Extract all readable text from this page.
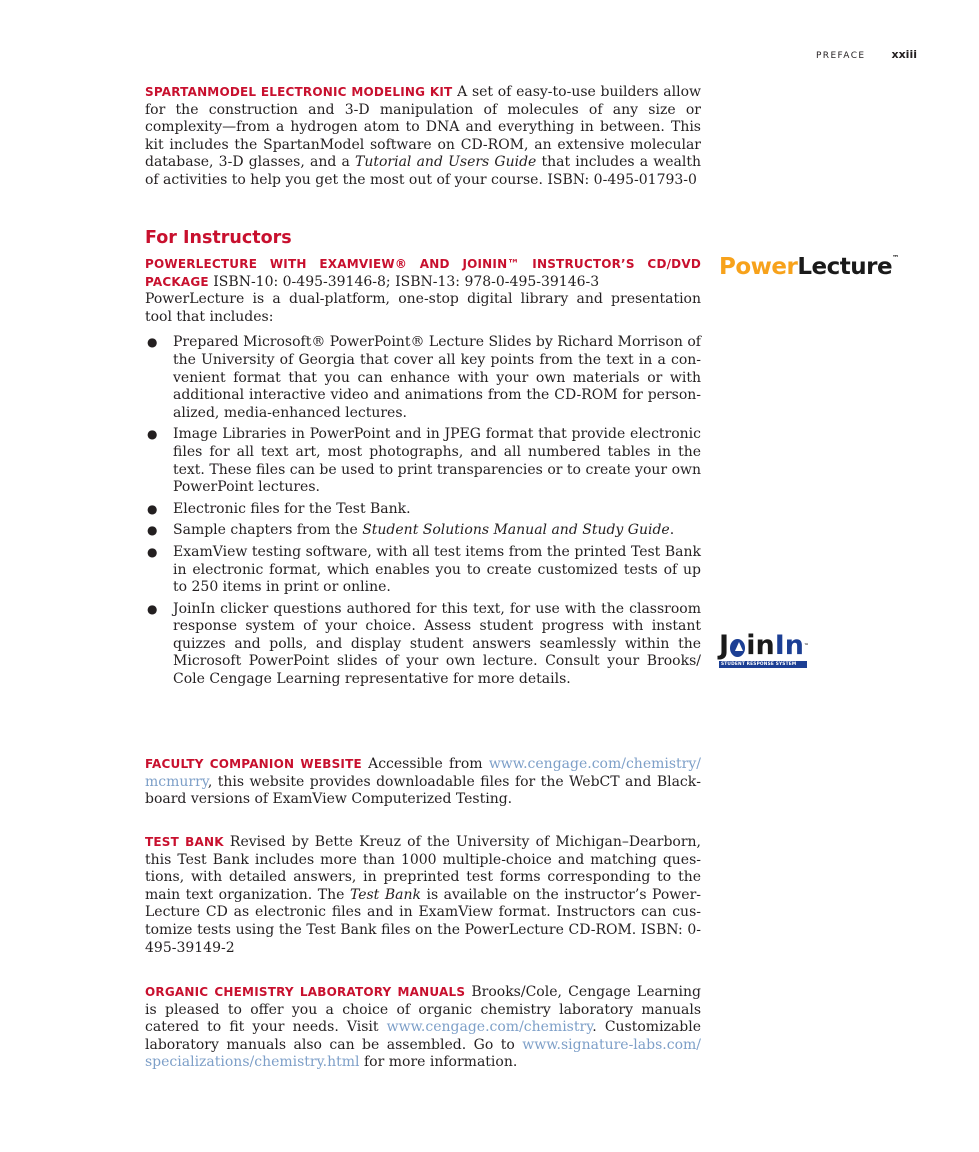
PREFACE xxiii

SPARTANMODEL ELECTRONIC MODELING KIT A set of easy-to-use builders allow for the construction and 3-D manipulation of molecules of any size or complexity—from a hydrogen atom to DNA and everything in between. This kit includes the SpartanModel software on CD-ROM, an extensive molecular database, 3-D glasses, and a Tutorial and Users Guide that includes a wealth of activities to help you get the most out of your course. ISBN: 0-495-01793-0

For Instructors

POWERLECTURE WITH EXAMVIEW® AND JOININ™ INSTRUCTOR’S CD/DVD PACKAGE ISBN-10: 0-495-39146-8; ISBN-13: 978-0-495-39146-3

PowerLecture is a dual-platform, one-stop digital library and presentation tool that includes:

● Prepared Microsoft® PowerPoint® Lecture Slides by Richard Morrison of the University of Georgia that cover all key points from the text in a convenient format that you can enhance with your own materials or with additional interactive video and animations from the CD-ROM for personalized, media-enhanced lectures.
● Image Libraries in PowerPoint and in JPEG format that provide electronic files for all text art, most photographs, and all numbered tables in the text. These files can be used to print transparencies or to create your own PowerPoint lectures.
● Electronic files for the Test Bank.
● Sample chapters from the Student Solutions Manual and Study Guide.
● ExamView testing software, with all test items from the printed Test Bank in electronic format, which enables you to create customized tests of up to 250 items in print or online.
● JoinIn clicker questions authored for this text, for use with the classroom response system of your choice. Assess student progress with instant quizzes and polls, and display student answers seamlessly within the Microsoft PowerPoint slides of your own lecture. Consult your Brooks/​Cole Cengage Learning representative for more details.
PowerLecture™
J in In ™
STUDENT RESPONSE SYSTEM

FACULTY COMPANION WEBSITE Accessible from www.cengage.com/chemistry/​mcmurry, this website provides downloadable files for the WebCT and Blackboard versions of ExamView Computerized Testing.

TEST BANK Revised by Bette Kreuz of the University of Michigan–Dearborn, this Test Bank includes more than 1000 multiple-choice and matching questions, with detailed answers, in preprinted test forms corresponding to the main text organization. The Test Bank is available on the instructor’s PowerLecture CD as electronic files and in ExamView format. Instructors can customize tests using the Test Bank files on the PowerLecture CD-ROM. ISBN: 0-495-39149-2

ORGANIC CHEMISTRY LABORATORY MANUALS Brooks/Cole, Cengage Learning is pleased to offer you a choice of organic chemistry laboratory manuals catered to fit your needs. Visit www.cengage.com/chemistry. Customizable laboratory manuals also can be assembled. Go to www.signature-labs.com/​specializations/chemistry.html for more information.
